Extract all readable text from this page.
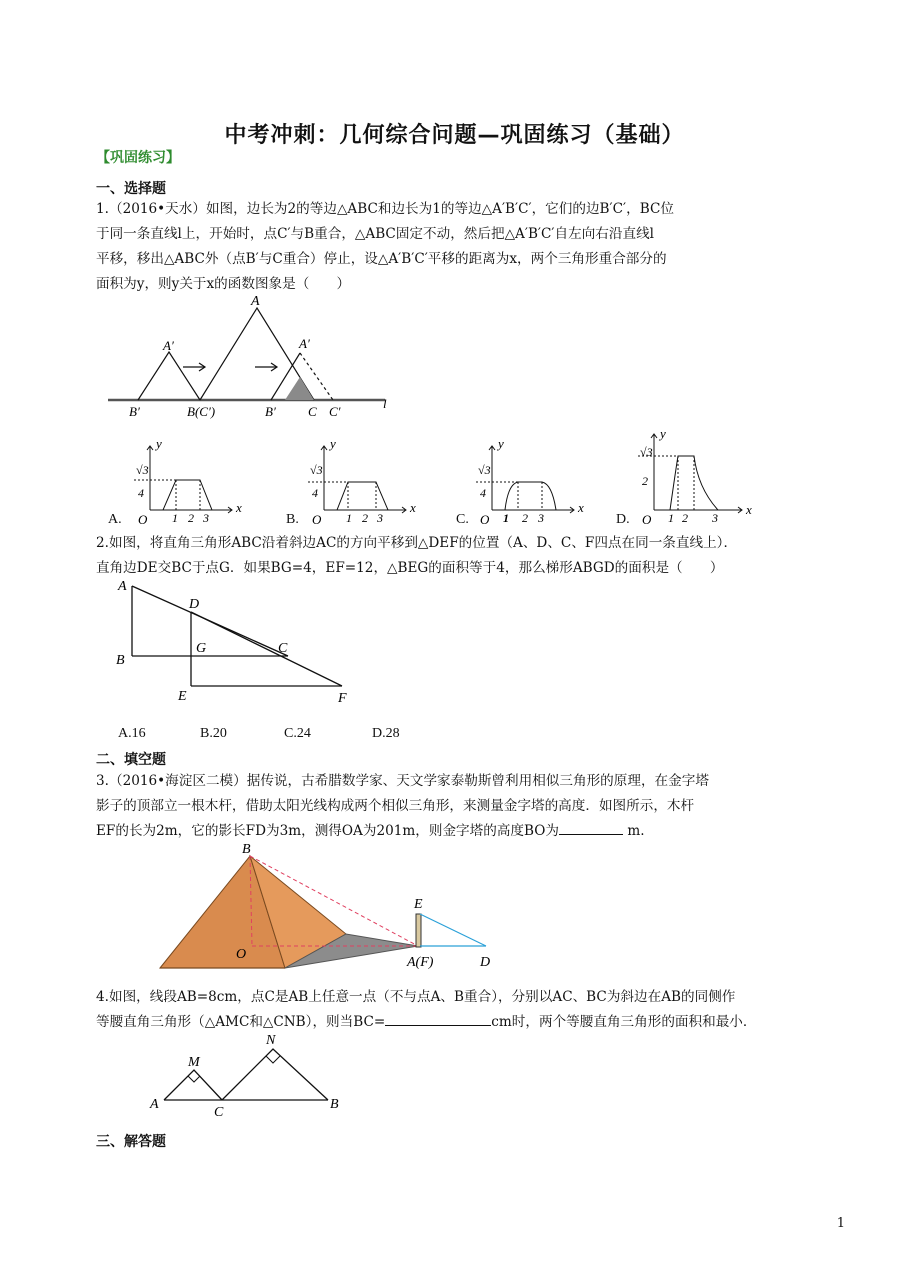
中考冲刺：几何综合问题—巩固练习（基础）
【巩固练习】
一、选择题

1.（2016•天水）如图，边长为2的等边△ABC和边长为1的等边△A′B′C′，它们的边B′C′，BC位

于同一条直线l上，开始时，点C′与B重合，△ABC固定不动，然后把△A′B′C′自左向右沿直线l

平移，移出△ABC外（点B′与C重合）停止，设△A′B′C′平移的距离为x，两个三角形重合部分的

面积为y，则y关于x的函数图象是（　　）

A
A′	A′
B′	B(C′)	B′ C C′
l
A.
y
x
√3
4
O 1 2 3	B.
y
x
√3
4
O 1 2 3	C.
y
x
√3
4
O 1 2 3	D.
y
x
√3
2
O 1 2 3

2.如图，将直角三角形ABC沿着斜边AC的方向平移到△DEF的位置（A、D、C、F四点在同一条直线上）．

直角边DE交BC于点G．如果BG=4，EF=12，△BEG的面积等于4，那么梯形ABGD的面积是（　　）

A
B
C
D
E	F
G
A.16	B.20	C.24	D.28
二、填空题

3.（2016•海淀区二模）据传说，古希腊数学家、天文学家泰勒斯曾利用相似三角形的原理，在金字塔

影子的顶部立一根木杆，借助太阳光线构成两个相似三角形，来测量金字塔的高度．如图所示，木杆

EF的长为2m，它的影长FD为3m，测得OA为201m，则金字塔的高度BO为	m.

B
O
E
A(F)	D

4.如图，线段AB=8cm，点C是AB上任意一点（不与点A、B重合），分别以AC、BC为斜边在AB的同侧作

等腰直角三角形（△AMC和△CNB），则当BC=	cm时，两个等腰直角三角形的面积和最小．

M
N
A
C
B
三、解答题
1
